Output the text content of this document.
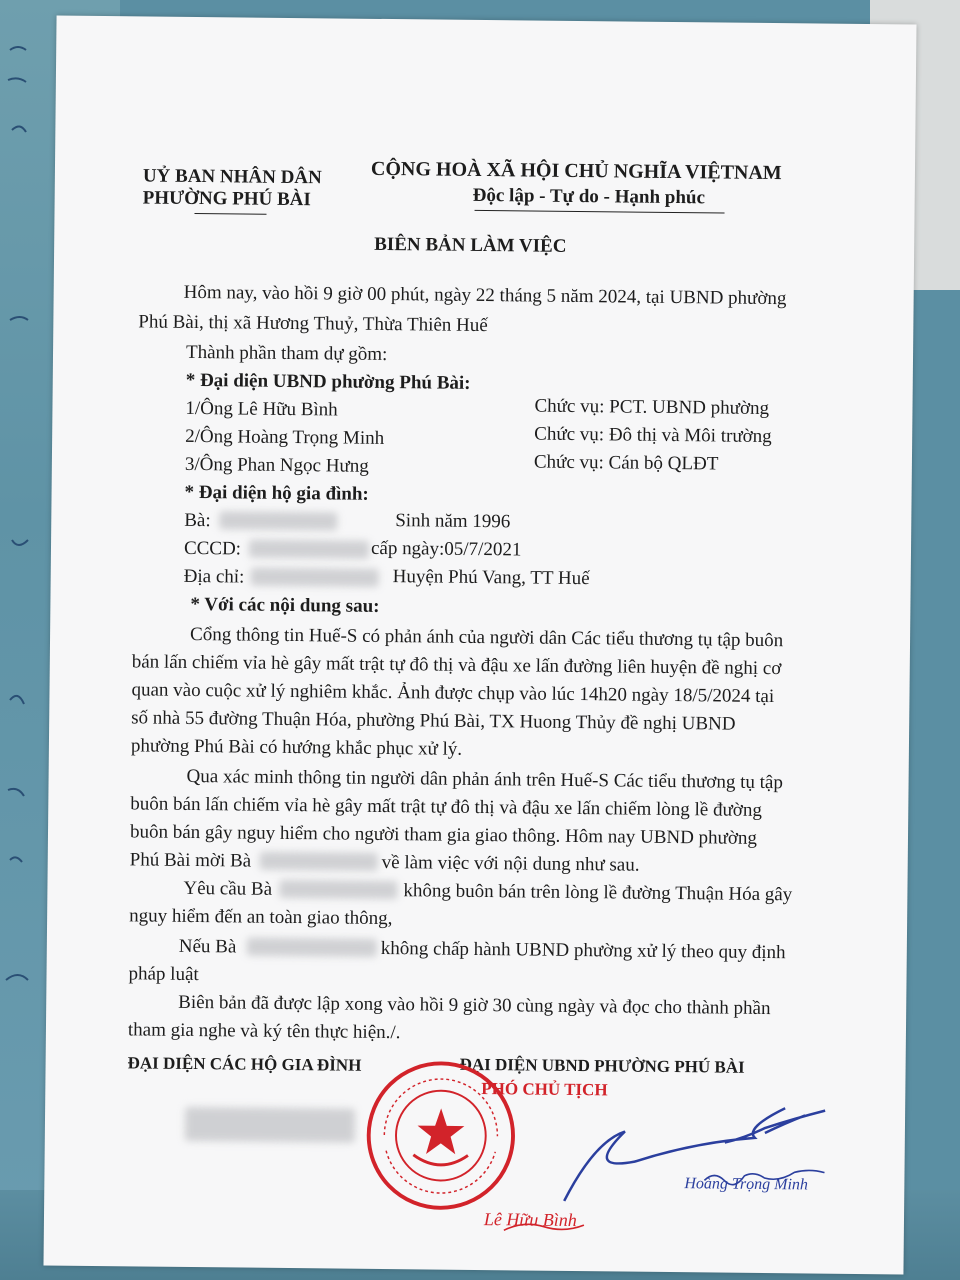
UỶ BAN NHÂN DÂN
PHƯỜNG PHÚ BÀI
CỘNG HOÀ XÃ HỘI CHỦ NGHĨA VIỆTNAM
Độc lập - Tự do - Hạnh phúc
BIÊN BẢN LÀM VIỆC
Hôm nay, vào hồi 9 giờ 00 phút, ngày 22 tháng 5 năm 2024, tại UBND phường
Phú Bài, thị xã Hương Thuỷ, Thừa Thiên Huế
Thành phần tham dự gồm:
* Đại diện UBND phường Phú Bài:
1/Ông Lê Hữu Bình	Chức vụ: PCT. UBND phường
2/Ông Hoàng Trọng Minh	Chức vụ: Đô thị và Môi trường
3/Ông Phan Ngọc Hưng	Chức vụ: Cán bộ QLĐT
* Đại diện hộ gia đình:
Bà:	Sinh năm 1996
CCCD:	cấp ngày:05/7/2021
Địa chỉ:	Huyện Phú Vang, TT Huế
* Với các nội dung sau:
Cổng thông tin Huế-S có phản ánh của người dân Các tiểu thương tụ tập buôn
bán lấn chiếm vỉa hè gây mất trật tự đô thị và đậu xe lấn đường liên huyện đề nghị cơ
quan vào cuộc xử lý nghiêm khắc. Ảnh được chụp vào lúc 14h20 ngày 18/5/2024 tại
số nhà 55 đường Thuận Hóa, phường Phú Bài, TX Huong Thủy đề nghị UBND
phường Phú Bài có hướng khắc phục xử lý.
Qua xác minh thông tin người dân phản ánh trên Huế-S Các tiểu thương tụ tập
buôn bán lấn chiếm vỉa hè gây mất trật tự đô thị và đậu xe lấn chiếm lòng lề đường
buôn bán gây nguy hiểm cho người tham gia giao thông. Hôm nay UBND phường
Phú Bài mời Bà	về làm việc với nội dung như sau.
Yêu cầu Bà	không buôn bán trên lòng lề đường Thuận Hóa gây
nguy hiểm đến an toàn giao thông,
Nếu Bà	không chấp hành UBND phường xử lý theo quy định
pháp luật
Biên bản đã được lập xong vào hồi 9 giờ 30 cùng ngày và đọc cho thành phần
tham gia nghe và ký tên thực hiện./.
ĐẠI DIỆN CÁC HỘ GIA ĐÌNH	ĐẠI DIỆN UBND PHƯỜNG PHÚ BÀI
PHÓ CHỦ TỊCH
Lê Hữu Bình
Hoàng Trọng Minh
